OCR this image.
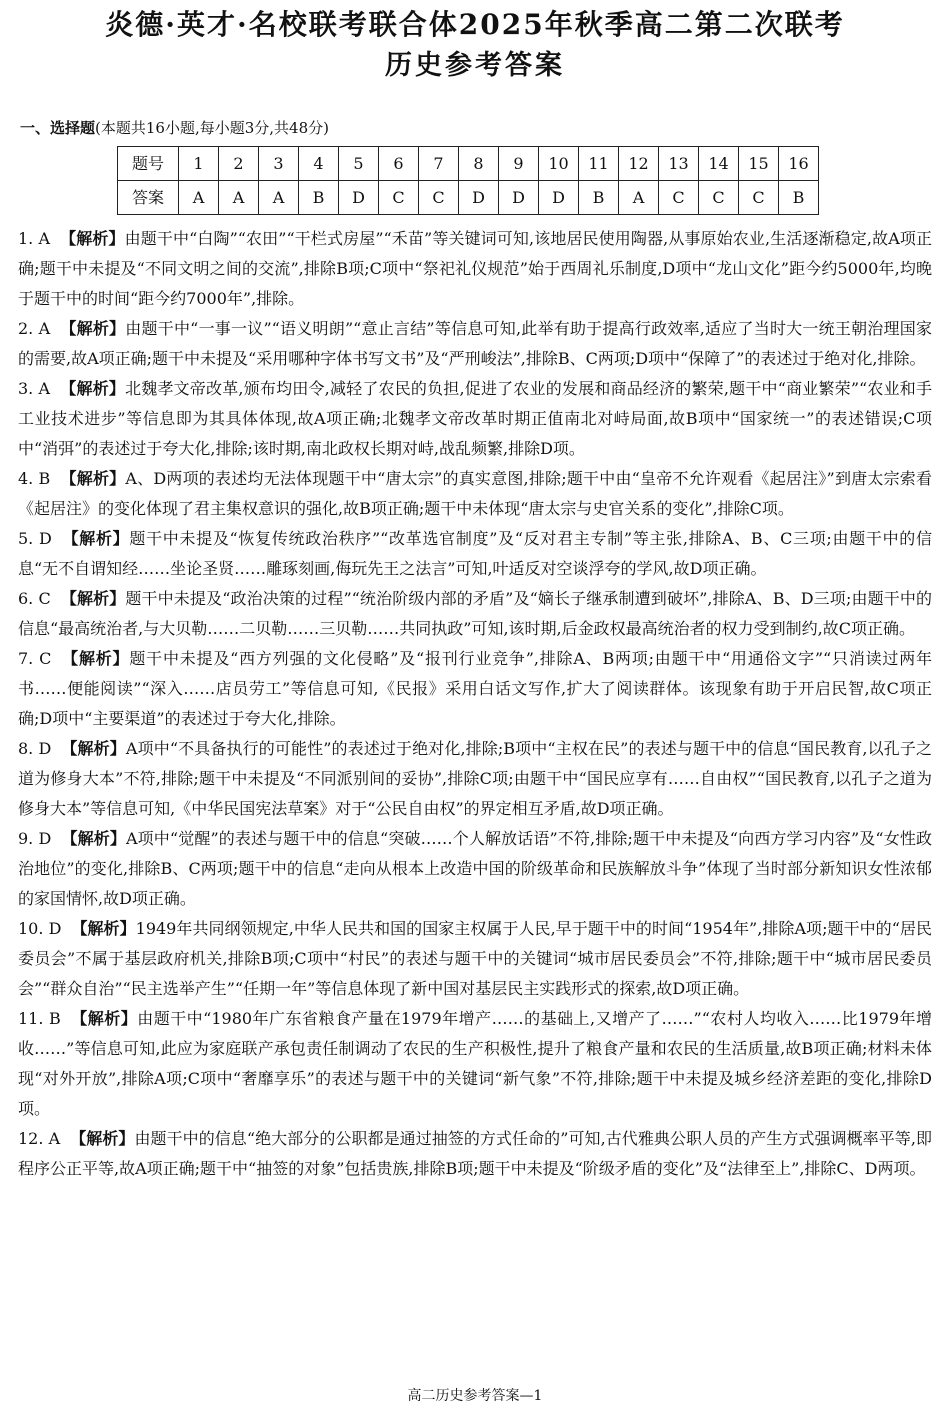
炎德·英才·名校联考联合体2025年秋季高二第二次联考
历史参考答案
一、选择题(本题共16小题,每小题3分,共48分)
题号	1	2	3	4	5	6	7	8	9	10	11	12	13	14	15	16
答案	A	A	A	B	D	C	C	D	D	D	B	A	C	C	C	B

1. A 【解析】由题干中“白陶”“农田”“干栏式房屋”“禾苗”等关键词可知,该地居民使用陶器,从事原始农业,生活逐渐稳定,故A项正确;题干中未提及“不同文明之间的交流”,排除B项;C项中“祭祀礼仪规范”始于西周礼乐制度,D项中“龙山文化”距今约5000年,均晚于题干中的时间“距今约7000年”,排除。

2. A 【解析】由题干中“一事一议”“语义明朗”“意止言结”等信息可知,此举有助于提高行政效率,适应了当时大一统王朝治理国家的需要,故A项正确;题干中未提及“采用哪种字体书写文书”及“严刑峻法”,排除B、C两项;D项中“保障了”的表述过于绝对化,排除。

3. A 【解析】北魏孝文帝改革,颁布均田令,减轻了农民的负担,促进了农业的发展和商品经济的繁荣,题干中“商业繁荣”“农业和手工业技术进步”等信息即为其具体体现,故A项正确;北魏孝文帝改革时期正值南北对峙局面,故B项中“国家统一”的表述错误;C项中“消弭”的表述过于夸大化,排除;该时期,南北政权长期对峙,战乱频繁,排除D项。

4. B 【解析】A、D两项的表述均无法体现题干中“唐太宗”的真实意图,排除;题干中由“皇帝不允许观看《起居注》”到唐太宗索看《起居注》的变化体现了君主集权意识的强化,故B项正确;题干中未体现“唐太宗与史官关系的变化”,排除C项。

5. D 【解析】题干中未提及“恢复传统政治秩序”“改革选官制度”及“反对君主专制”等主张,排除A、B、C三项;由题干中的信息“无不自谓知经……坐论圣贤……雕琢刻画,侮玩先王之法言”可知,叶适反对空谈浮夸的学风,故D项正确。

6. C 【解析】题干中未提及“政治决策的过程”“统治阶级内部的矛盾”及“嫡长子继承制遭到破坏”,排除A、B、D三项;由题干中的信息“最高统治者,与大贝勒……二贝勒……三贝勒……共同执政”可知,该时期,后金政权最高统治者的权力受到制约,故C项正确。

7. C 【解析】题干中未提及“西方列强的文化侵略”及“报刊行业竞争”,排除A、B两项;由题干中“用通俗文字”“只消读过两年书……便能阅读”“深入……店员劳工”等信息可知,《民报》采用白话文写作,扩大了阅读群体。该现象有助于开启民智,故C项正确;D项中“主要渠道”的表述过于夸大化,排除。

8. D 【解析】A项中“不具备执行的可能性”的表述过于绝对化,排除;B项中“主权在民”的表述与题干中的信息“国民教育,以孔子之道为修身大本”不符,排除;题干中未提及“不同派别间的妥协”,排除C项;由题干中“国民应享有……自由权”“国民教育,以孔子之道为修身大本”等信息可知,《中华民国宪法草案》对于“公民自由权”的界定相互矛盾,故D项正确。

9. D 【解析】A项中“觉醒”的表述与题干中的信息“突破……个人解放话语”不符,排除;题干中未提及“向西方学习内容”及“女性政治地位”的变化,排除B、C两项;题干中的信息“走向从根本上改造中国的阶级革命和民族解放斗争”体现了当时部分新知识女性浓郁的家国情怀,故D项正确。

10. D 【解析】1949年共同纲领规定,中华人民共和国的国家主权属于人民,早于题干中的时间“1954年”,排除A项;题干中的“居民委员会”不属于基层政府机关,排除B项;C项中“村民”的表述与题干中的关键词“城市居民委员会”不符,排除;题干中“城市居民委员会”“群众自治”“民主选举产生”“任期一年”等信息体现了新中国对基层民主实践形式的探索,故D项正确。

11. B 【解析】由题干中“1980年广东省粮食产量在1979年增产……的基础上,又增产了……”“农村人均收入……比1979年增收……”等信息可知,此应为家庭联产承包责任制调动了农民的生产积极性,提升了粮食产量和农民的生活质量,故B项正确;材料未体现“对外开放”,排除A项;C项中“奢靡享乐”的表述与题干中的关键词“新气象”不符,排除;题干中未提及城乡经济差距的变化,排除D项。

12. A 【解析】由题干中的信息“绝大部分的公职都是通过抽签的方式任命的”可知,古代雅典公职人员的产生方式强调概率平等,即程序公正平等,故A项正确;题干中“抽签的对象”包括贵族,排除B项;题干中未提及“阶级矛盾的变化”及“法律至上”,排除C、D两项。

高二历史参考答案—1
